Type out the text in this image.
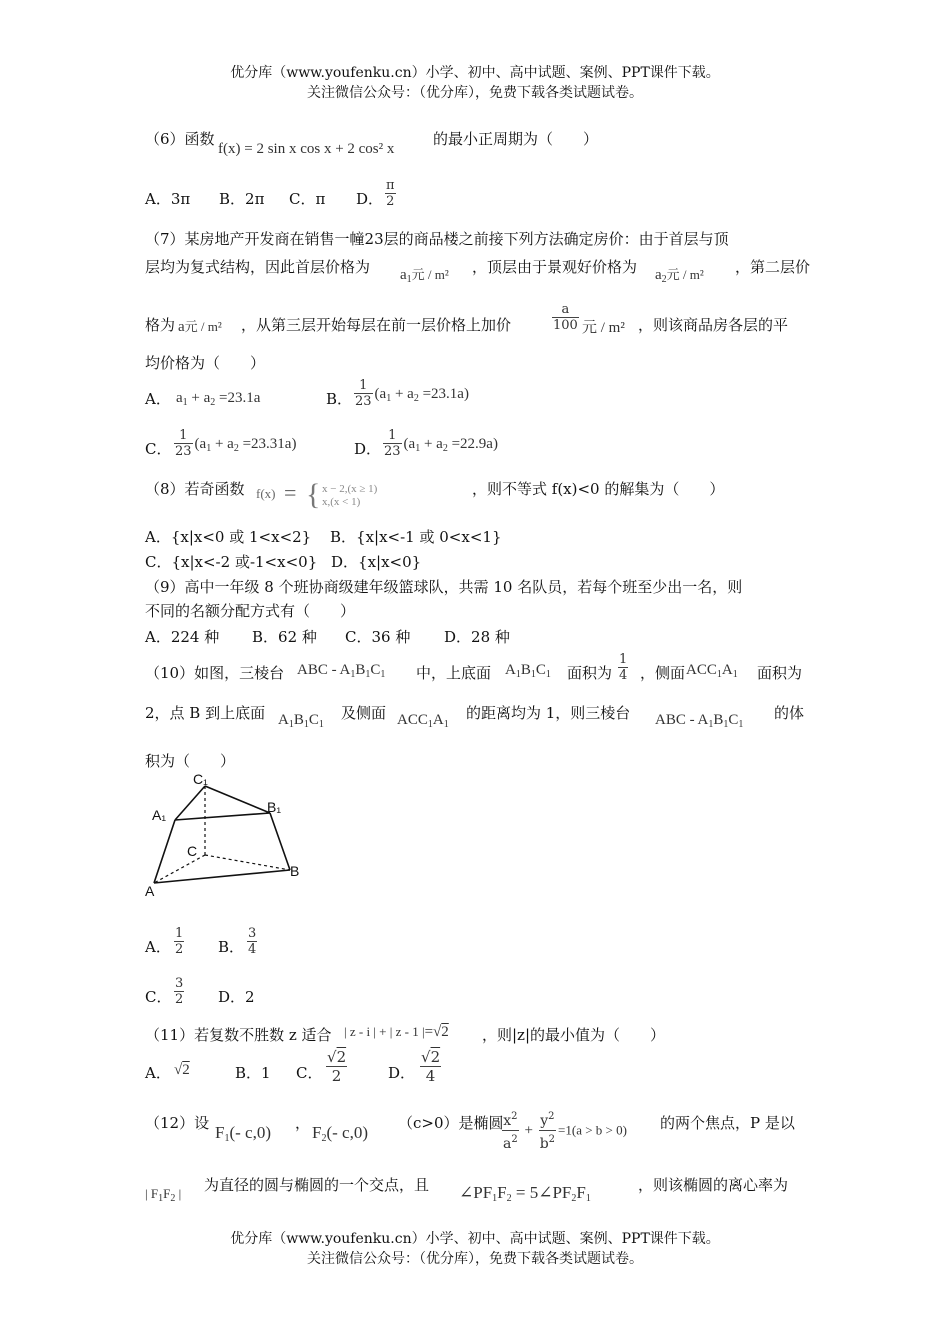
优分库（www.youfenku.cn）小学、初中、高中试题、案例、PPT课件下载。
关注微信公众号：（优分库），免费下载各类试题试卷。
（6）函数
f(x) = 2 sin x cos x + 2 cos² x
的最小正周期为（　　）
A．3π B．2π C．π D． $\frac{\pi}{2}$
（7）某房地产开发商在销售一幢23层的商品楼之前接下列方法确定房价：由于首层与顶
层均为复式结构，因此首层价格为 $a_1$元 / m² ，顶层由于景观好价格为 $a_2$元 / m² ，第二层价
格为 a元 / m² ，从第三层开始每层在前一层价格上加价	$\frac{a}{100}$ 元 / m² ，则该商品房各层的平
均价格为（　　）
A． $a_1 + a_2 =23.1a$	B． $\frac{1}{23} (a_1 + a_2 =23.1a)$
C． $\frac{1}{23} (a_1 + a_2 =23.31a)$	D． $\frac{1}{23} (a_1 + a_2 =22.9a)$
（8）若奇函数 f(x) = { x − 2,(x ≥ 1)
x,(x < 1)
，则不等式 f(x)<0 的解集为（　　）
A．{x|x<0 或 1<x<2} B．{x|x<-1 或 0<x<1}
C．{x|x<-2 或-1<x<0} D．{x|x<0}
（9）高中一年级 8 个班协商级建年级篮球队，共需 10 名队员，若每个班至少出一名，则
不同的名额分配方式有（　　）
A．224 种 B．62 种 C．36 种 D．28 种
（10）如图，三棱台 ABC - $A_1B_1C_1$ 中，上底面 $A_1B_1C_1$ 面积为 $\frac{1}{4}$ ，侧面 $ACC_1A_1$ 面积为
2，点 B 到上底面 $A_1B_1C_1$
及侧面 $ACC_1A_1$
的距离均为 1，则三棱台 ABC - $A_1B_1C_1$
的体
积为（　　）
C₁
A₁	B₁
C
A
B
A． $\frac{1}{2}$ B． $\frac{3}{4}$
C． $\frac{3}{2}$ D．2
（11）若复数不胜数 z 适合 | z - i | + | z - 1 |=√2 ，则|z|的最小值为（　　）
A． √2	B．1 C． $\frac{√2}{2}$	D． $\frac{√2}{4}$
（12）设 $F_1(-$ c,0) ， $F_2(-$ c,0) （c>0）是椭圆
$\frac{x^2}{a^2} + \frac{y^2}{b^2} =1(a > b > 0)$ 的两个焦点，P 是以
| $F_1F_2$ | 为直径的圆与椭圆的一个交点，且 $\angle PF_1F_2$ = $5\angle PF_2F_1$
，则该椭圆的离心率为
优分库（www.youfenku.cn）小学、初中、高中试题、案例、PPT课件下载。
关注微信公众号：（优分库），免费下载各类试题试卷。
